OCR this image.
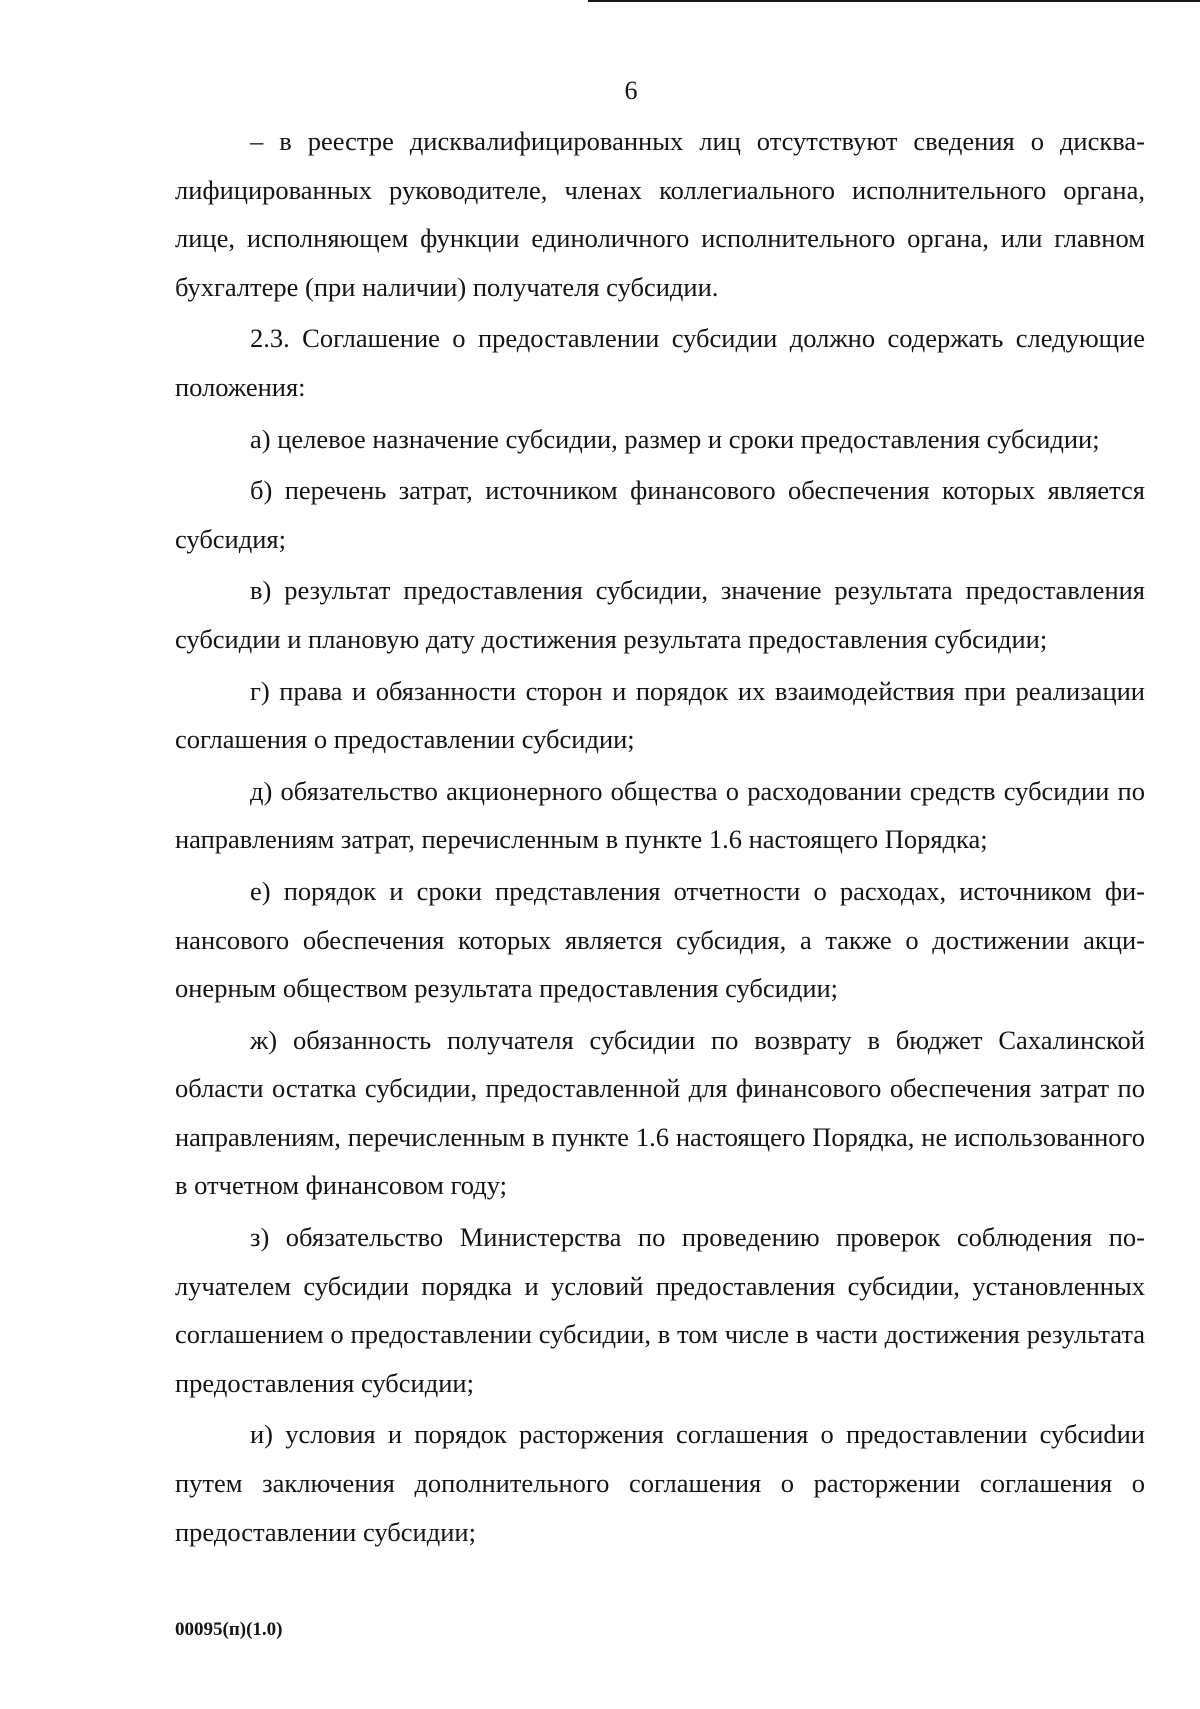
6

– в реестре дисквалифицированных лиц отсутствуют сведения о дисквалифицированных руководителе, членах коллегиального исполнительного органа, лице, исполняющем функции единоличного исполнительного органа, или главном бухгалтере (при наличии) получателя субсидии.

2.3. Соглашение о предоставлении субсидии должно содержать следующие положения:

а) целевое назначение субсидии, размер и сроки предоставления субсидии;

б) перечень затрат, источником финансового обеспечения которых является субсидия;

в) результат предоставления субсидии, значение результата предоставления субсидии и плановую дату достижения результата предоставления субсидии;

г) права и обязанности сторон и порядок их взаимодействия при реализации соглашения о предоставлении субсидии;

д) обязательство акционерного общества о расходовании средств субсидии по направлениям затрат, перечисленным в пункте 1.6 настоящего Порядка;

е) порядок и сроки представления отчетности о расходах, источником финансового обеспечения которых является субсидия, а также о достижении акционерным обществом результата предоставления субсидии;

ж) обязанность получателя субсидии по возврату в бюджет Сахалинской области остатка субсидии, предоставленной для финансового обеспечения затрат по направлениям, перечисленным в пункте 1.6 настоящего Порядка, не использованного в отчетном финансовом году;

з) обязательство Министерства по проведению проверок соблюдения получателем субсидии порядка и условий предоставления субсидии, установленных соглашением о предоставлении субсидии, в том числе в части достижения результата предоставления субсидии;

и) условия и порядок расторжения соглашения о предоставлении субсиdии путем заключения дополнительного соглашения о расторжении соглашения о предоставлении субсидии;

00095(п)(1.0)
